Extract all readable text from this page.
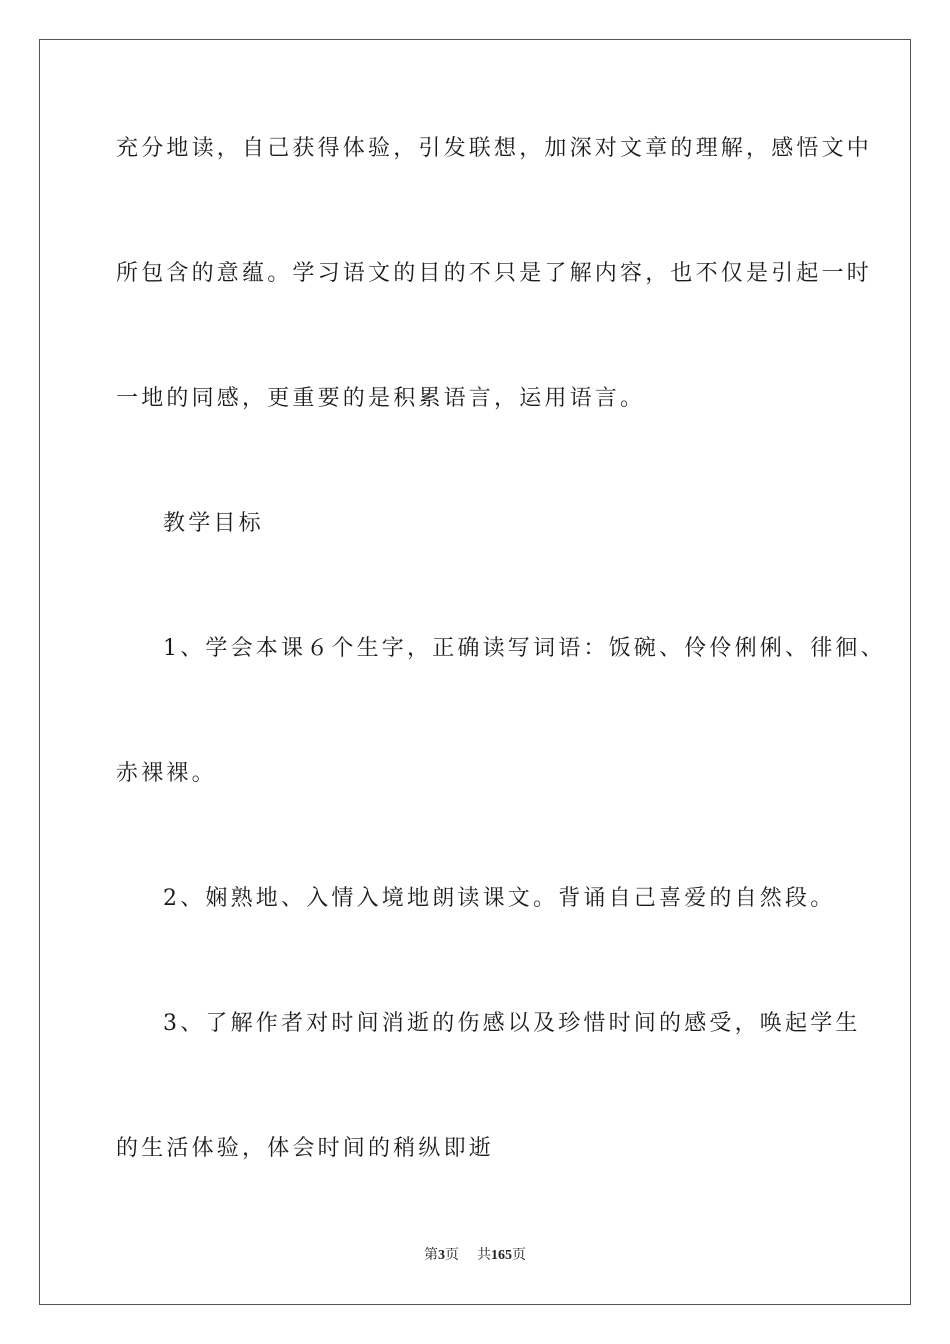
充分地读，自己获得体验，引发联想，加深对文章的理解，感悟文中
所包含的意蕴。学习语文的目的不只是了解内容，也不仅是引起一时
一地的同感，更重要的是积累语言，运用语言。
教学目标
1、学会本课６个生字，正确读写词语：饭碗、伶伶俐俐、徘徊、
赤裸裸。
2、娴熟地、入情入境地朗读课文。背诵自己喜爱的自然段。
3、了解作者对时间消逝的伤感以及珍惜时间的感受，唤起学生
的生活体验，体会时间的稍纵即逝
第3页 共165页
